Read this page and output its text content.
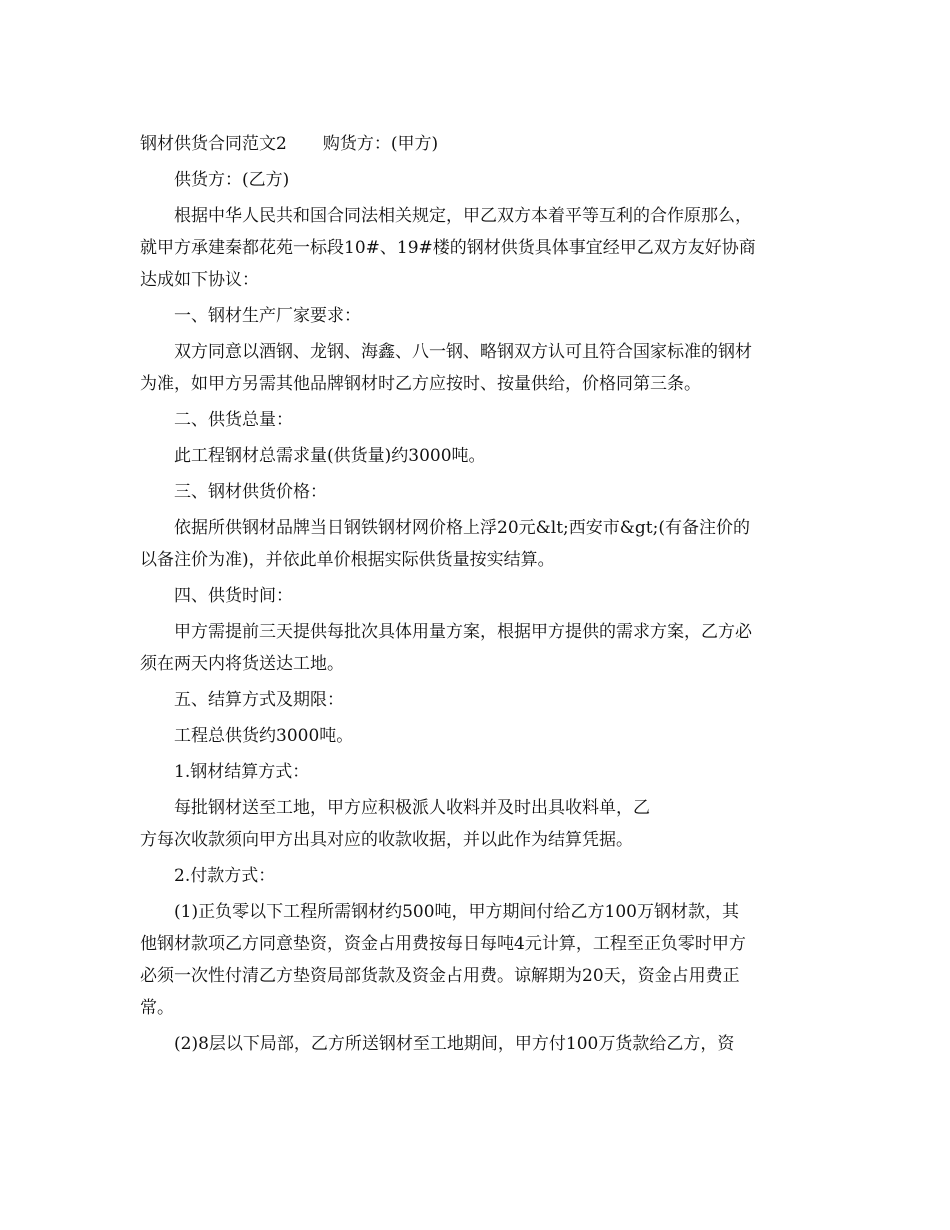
钢材供货合同范文2 购货方：(甲方)

供货方：(乙方)

根据中华人民共和国合同法相关规定，甲乙双方本着平等互利的合作原那么，

就甲方承建秦都花苑一标段10#、19#楼的钢材供货具体事宜经甲乙双方友好协商

达成如下协议：

一、钢材生产厂家要求：

双方同意以酒钢、龙钢、海鑫、八一钢、略钢双方认可且符合国家标准的钢材

为准，如甲方另需其他品牌钢材时乙方应按时、按量供给，价格同第三条。

二、供货总量：

此工程钢材总需求量(供货量)约3000吨。

三、钢材供货价格：

依据所供钢材品牌当日钢铁钢材网价格上浮20元&lt;西安市&gt;(有备注价的

以备注价为准)，并依此单价根据实际供货量按实结算。

四、供货时间：

甲方需提前三天提供每批次具体用量方案，根据甲方提供的需求方案，乙方必

须在两天内将货送达工地。

五、结算方式及期限：

工程总供货约3000吨。

1.钢材结算方式：

每批钢材送至工地，甲方应积极派人收料并及时出具收料单，乙

方每次收款须向甲方出具对应的收款收据，并以此作为结算凭据。

2.付款方式：

(1)正负零以下工程所需钢材约500吨，甲方期间付给乙方100万钢材款，其

他钢材款项乙方同意垫资，资金占用费按每日每吨4元计算，工程至正负零时甲方

必须一次性付清乙方垫资局部货款及资金占用费。谅解期为20天，资金占用费正

常。

(2)8层以下局部，乙方所送钢材至工地期间，甲方付100万货款给乙方，资
